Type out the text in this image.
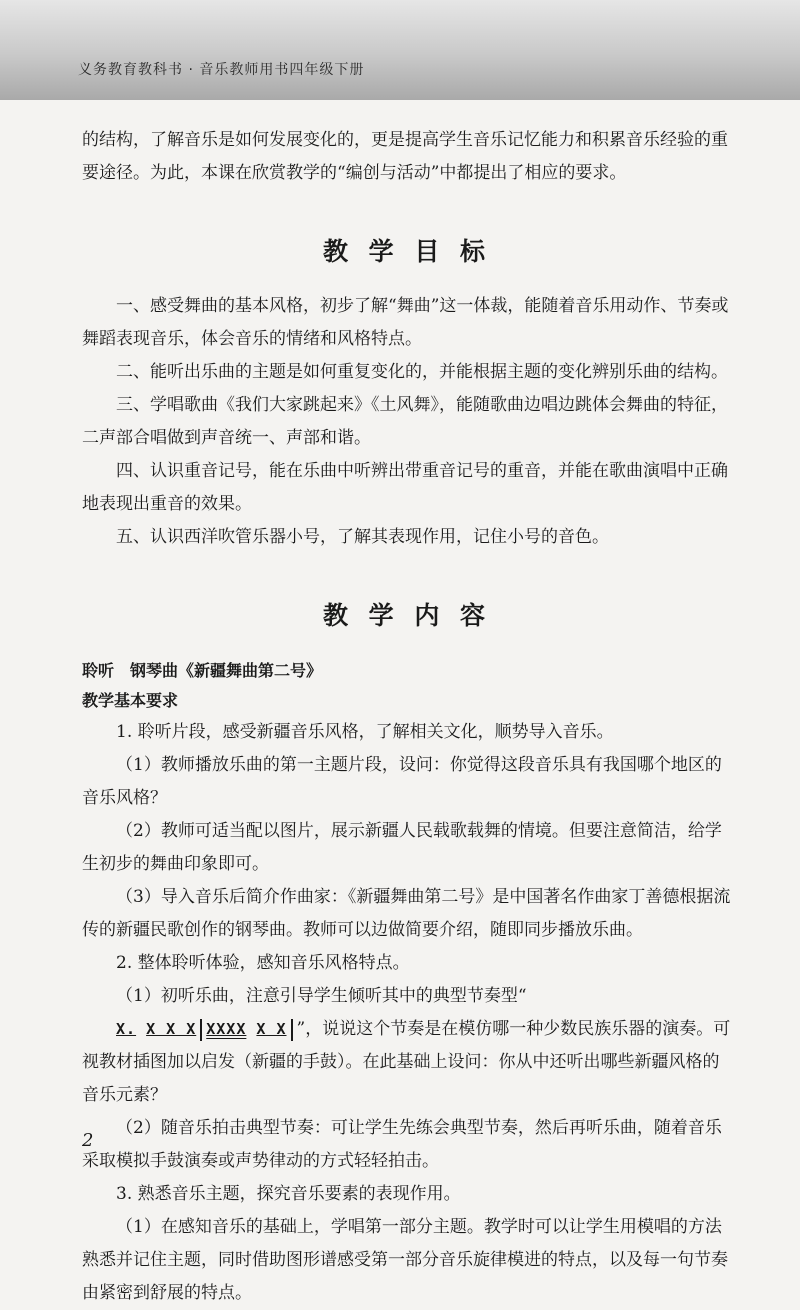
义务教育教科书 · 音乐教师用书四年级下册

的结构，了解音乐是如何发展变化的，更是提高学生音乐记忆能力和积累音乐经验的重要途径。为此，本课在欣赏教学的“编创与活动”中都提出了相应的要求。

教 学 目 标

一、感受舞曲的基本风格，初步了解“舞曲”这一体裁，能随着音乐用动作、节奏或舞蹈表现音乐，体会音乐的情绪和风格特点。

二、能听出乐曲的主题是如何重复变化的，并能根据主题的变化辨别乐曲的结构。

三、学唱歌曲《我们大家跳起来》《土风舞》，能随歌曲边唱边跳体会舞曲的特征，二声部合唱做到声音统一、声部和谐。

四、认识重音记号，能在乐曲中听辨出带重音记号的重音，并能在歌曲演唱中正确地表现出重音的效果。

五、认识西洋吹管乐器小号，了解其表现作用，记住小号的音色。

教 学 内 容

聆听　钢琴曲《新疆舞曲第二号》

教学基本要求

1. 聆听片段，感受新疆音乐风格，了解相关文化，顺势导入音乐。

（1）教师播放乐曲的第一主题片段，设问：你觉得这段音乐具有我国哪个地区的音乐风格？

（2）教师可适当配以图片，展示新疆人民载歌载舞的情境。但要注意简洁，给学生初步的舞曲印象即可。

（3）导入音乐后简介作曲家：《新疆舞曲第二号》是中国著名作曲家丁善德根据流传的新疆民歌创作的钢琴曲。教师可以边做简要介绍，随即同步播放乐曲。

2. 整体聆听体验，感知音乐风格特点。

（1）初听乐曲，注意引导学生倾听其中的典型节奏型“X. X X X XXXX X X ”，说说这个节奏是在模仿哪一种少数民族乐器的演奏。可视教材插图加以启发（新疆的手鼓）。在此基础上设问：你从中还听出哪些新疆风格的音乐元素？

（2）随音乐拍击典型节奏：可让学生先练会典型节奏，然后再听乐曲，随着音乐采取模拟手鼓演奏或声势律动的方式轻轻拍击。

3. 熟悉音乐主题，探究音乐要素的表现作用。

（1）在感知音乐的基础上，学唱第一部分主题。教学时可以让学生用模唱的方法熟悉并记住主题，同时借助图形谱感受第一部分音乐旋律模进的特点，以及每一句节奏由紧密到舒展的特点。

2
